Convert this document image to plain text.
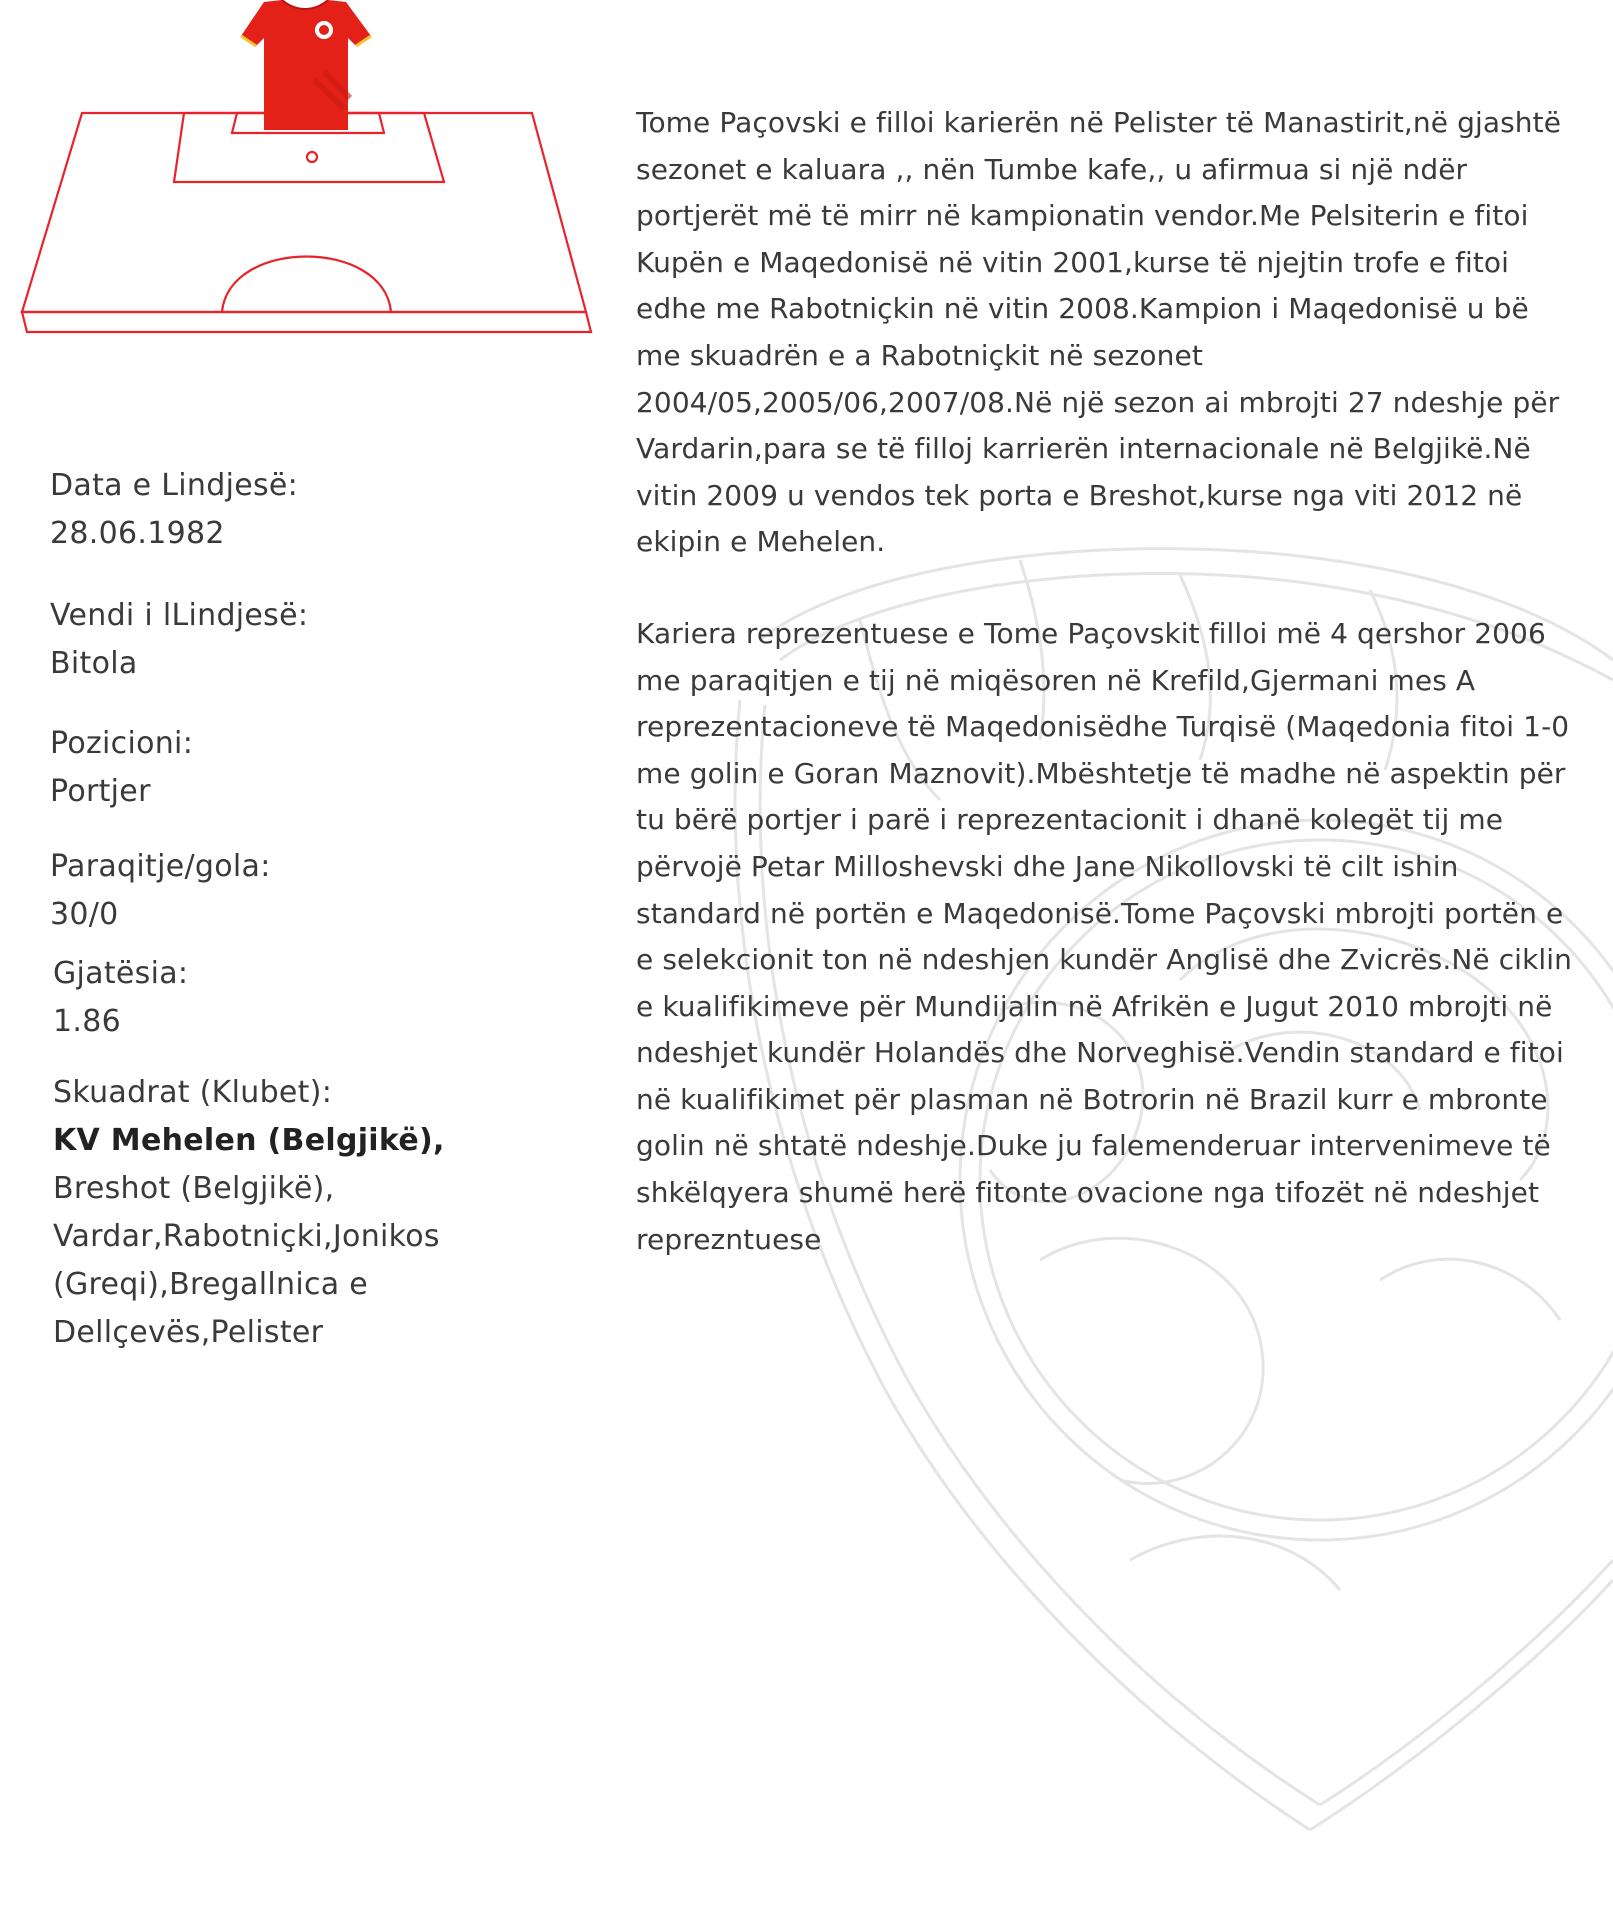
Data e Lindjesë:
28.06.1982
Vendi i lLindjesë:
Bitola
Pozicioni:
Portjer
Paraqitje/gola:
30/0
Gjatësia:
1.86
Skuadrat (Klubet):
KV Mehelen (Belgjikë), Breshot (Belgjikë), Vardar,Rabotniçki,Jonikos (Greqi),Bregallnica e Dellçevës,Pelister

Tome Paçovski e filloi karierën në Pelister të Manastirit,në gjashtë sezonet e kaluara ,, nën Tumbe kafe,, u afirmua si një ndër portjerët më të mirr në kampionatin vendor.Me Pelsiterin e fitoi Kupën e Maqedonisë në vitin 2001,kurse të njejtin trofe e fitoi edhe me Rabotniçkin në vitin 2008.Kampion i Maqedonisë u bë me skuadrën e a Rabotniçkit në sezonet 2004/05,2005/06,2007/08.Në një sezon ai mbrojti 27 ndeshje për Vardarin,para se të filloj karrierën internacionale në Belgjikë.Në vitin 2009 u vendos tek porta e Breshot,kurse nga viti 2012 në ekipin e Mehelen.

Kariera reprezentuese e Tome Paçovskit filloi më 4 qershor 2006 me paraqitjen e tij në miqësoren në Krefild,Gjermani mes A reprezentacioneve të Maqedonisëdhe Turqisë (Maqedonia fitoi 1-0 me golin e Goran Maznovit).Mbështetje të madhe në aspektin për tu bërë portjer i parë i reprezentacionit i dhanë kolegët tij me përvojë Petar Milloshevski dhe Jane Nikollovski të cilt ishin standard në portën e Maqedonisë.Tome Paçovski mbrojti portën e e selekcionit ton në ndeshjen kundër Anglisë dhe Zvicrës.Në ciklin e kualifikimeve për Mundijalin në Afrikën e Jugut 2010 mbrojti në ndeshjet kundër Holandës dhe Norveghisë.Vendin standard e fitoi në kualifikimet për plasman në Botrorin në Brazil kurr e mbronte golin në shtatë ndeshje.Duke ju falemenderuar intervenimeve të shkëlqyera shumë herë fitonte ovacione nga tifozët në ndeshjet reprezntuese
